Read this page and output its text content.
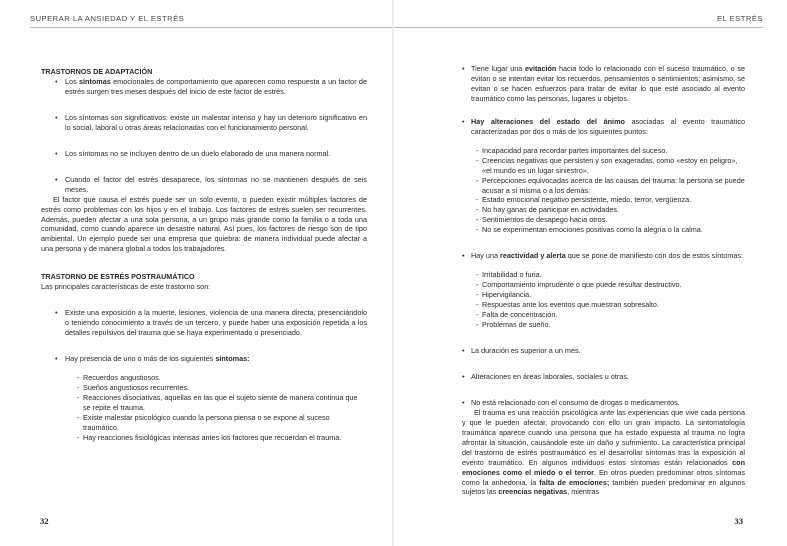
SUPERAR LA ANSIEDAD Y EL ESTRÉS

TRASTORNOS DE ADAPTACIÓN

• Los síntomas emocionales de comportamiento que aparecen como respuesta a un factor de estrés surgen tres meses después del inicio de este factor de estrés.

• Los síntomas son significativos: existe un malestar intenso y hay un deterioro significativo en lo social, laboral u otras áreas relacionadas con el funcionamiento personal.

• Los síntomas no se incluyen dentro de un duelo elaborado de una manera normal.

• Cuando el factor del estrés desaparece, los síntomas no se mantienen después de seis meses.

El factor que causa el estrés puede ser un solo evento, o pueden existir múltiples factores de estrés como problemas con los hijos y en el trabajo. Los factores de estrés suelen ser recurrentes. Además, pueden afectar a una sola persona, a un grupo más grande como la familia o a toda una comunidad, como cuando aparece un desastre natural. Así pues, los factores de riesgo son de tipo ambiental. Un ejemplo puede ser una empresa que quiebra: de manera individual puede afectar a una persona y de manera global a todos los trabajadores.

TRASTORNO DE ESTRÉS POSTRAUMÁTICO

Las principales características de este trastorno son:

• Existe una exposición a la muerte, lesiones, violencia de una manera directa, presenciándolo o teniendo conocimiento a través de un tercero, y puede haber una exposición repetida a los detalles repulsivos del trauma que se haya experimentado o presenciado.

• Hay presencia de uno o más de los siguientes síntomas:

- Recuerdos angustiosos.
- Sueños angustiosos recurrentes.
- Reacciones disociativas, aquellas en las que el sujeto siente de manera continua que se repite el trauma.
- Existe malestar psicológico cuando la persona piensa o se expone al suceso traumático.
- Hay reacciones fisiológicas intensas antes los factores que recuerdan el trauma.
32
EL ESTRÉS

• Tiene lugar una evitación hacia todo lo relacionado con el suceso traumático, o se evitan o se intentan evitar los recuerdos, pensamientos o sentimientos; asimismo, se evitan o se hacen esfuerzos para tratar de evitar lo que esté asociado al evento traumático como las personas, lugares u objetos.

• Hay alteraciones del estado del ánimo asociadas al evento traumático caracterizadas por dos o más de los siguientes puntos:

- Incapacidad para recordar partes importantes del suceso.
- Creencias negativas que persisten y son exageradas, como «estoy en peligro», «el mundo es un lugar siniestro».
- Percepciones equivocadas acerca de las causas del trauma: la persona se puede acusar a sí misma o a los demás.
- Estado emocional negativo persistente, miedo, terror, vergüenza.
- No hay ganas de participar en actividades.
- Sentimientos de desapego hacia otros.
- No se experimentan emociones positivas como la alegría o la calma.

• Hay una reactividad y alerta que se pone de manifiesto con dos de estos síntomas:

- Irritabilidad o furia.
- Comportamiento imprudente o que puede resultar destructivo.
- Hipervigilancia.
- Respuestas ante los eventos que muestran sobresalto.
- Falta de concentración.
- Problemas de sueño.

• La duración es superior a un mes.

• Alteraciones en áreas laborales, sociales u otras.

• No está relacionado con el consumo de drogas o medicamentos.

El trauma es una reacción psicológica ante las experiencias que vive cada persona y que le pueden afectar, provocando con ello un gran impacto. La sintomatología traumática aparece cuando una persona que ha estado expuesta al trauma no logra afrontar la situación, causándole este un daño y sufrimiento. La característica principal del trastorno de estrés postraumático es el desarrollar síntomas tras la exposición al evento traumático. En algunos individuos estos síntomas están relacionados con emociones como el miedo o el terror. En otros pueden predominar otros síntomas como la anhedonia, la falta de emociones; también pueden predominar en algunos sujetos las creencias negativas, mientras

33
